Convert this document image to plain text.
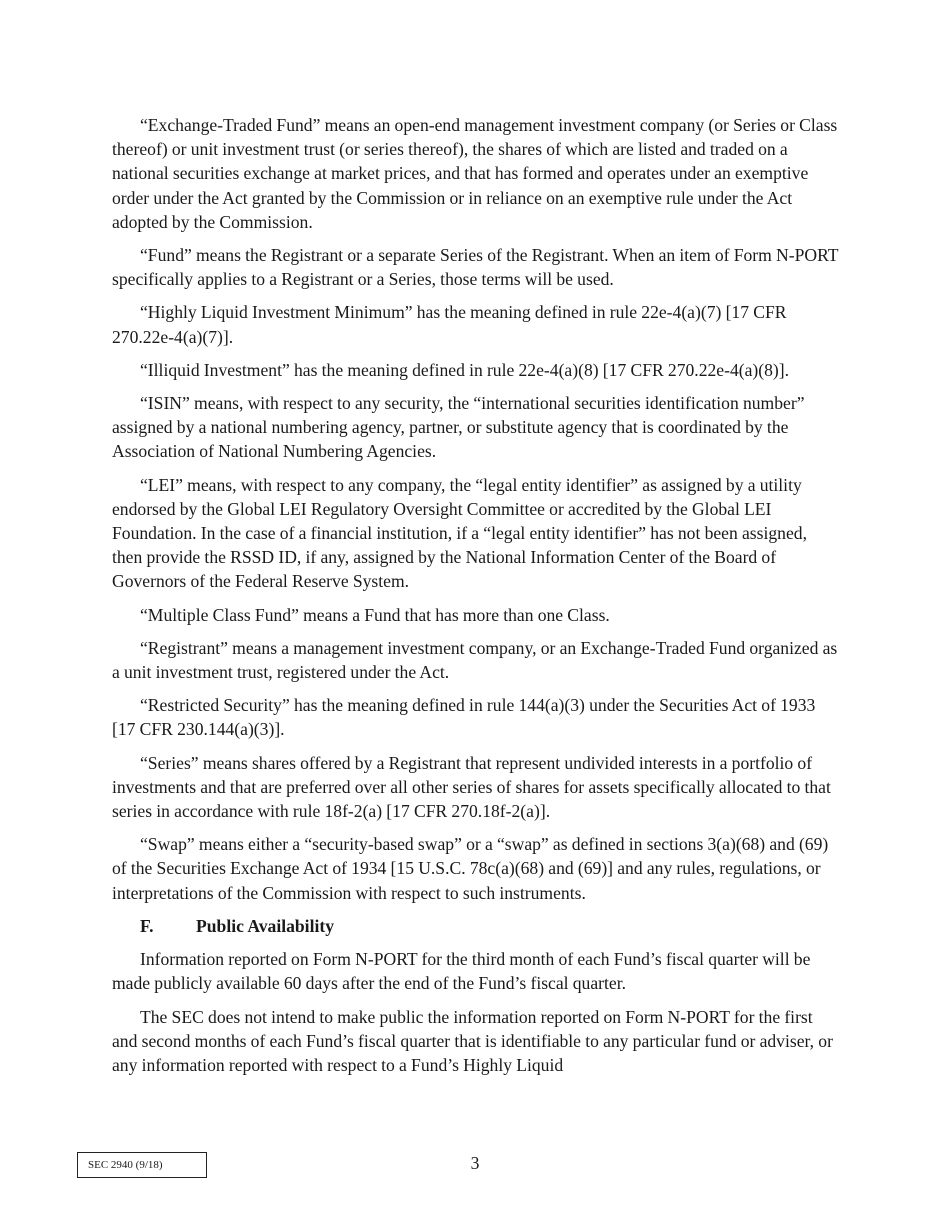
“Exchange-Traded Fund” means an open-end management investment company (or Series or Class thereof) or unit investment trust (or series thereof), the shares of which are listed and traded on a national securities exchange at market prices, and that has formed and operates under an exemptive order under the Act granted by the Commission or in reliance on an exemptive rule under the Act adopted by the Commission.

“Fund” means the Registrant or a separate Series of the Registrant. When an item of Form N-PORT specifically applies to a Registrant or a Series, those terms will be used.

“Highly Liquid Investment Minimum” has the meaning defined in rule 22e-4(a)(7) [17 CFR 270.22e-4(a)(7)].

“Illiquid Investment” has the meaning defined in rule 22e-4(a)(8) [17 CFR 270.22e-4(a)(8)].

“ISIN” means, with respect to any security, the “international securities identification number” assigned by a national numbering agency, partner, or substitute agency that is coordinated by the Association of National Numbering Agencies.

“LEI” means, with respect to any company, the “legal entity identifier” as assigned by a utility endorsed by the Global LEI Regulatory Oversight Committee or accredited by the Global LEI Foundation. In the case of a financial institution, if a “legal entity identifier” has not been assigned, then provide the RSSD ID, if any, assigned by the National Information Center of the Board of Governors of the Federal Reserve System.

“Multiple Class Fund” means a Fund that has more than one Class.

“Registrant” means a management investment company, or an Exchange-Traded Fund organized as a unit investment trust, registered under the Act.

“Restricted Security” has the meaning defined in rule 144(a)(3) under the Securities Act of 1933 [17 CFR 230.144(a)(3)].

“Series” means shares offered by a Registrant that represent undivided interests in a portfolio of investments and that are preferred over all other series of shares for assets specifically allocated to that series in accordance with rule 18f-2(a) [17 CFR 270.18f-2(a)].

“Swap” means either a “security-based swap” or a “swap” as defined in sections 3(a)(68) and (69) of the Securities Exchange Act of 1934 [15 U.S.C. 78c(a)(68) and (69)] and any rules, regulations, or interpretations of the Commission with respect to such instruments.

F. Public Availability

Information reported on Form N-PORT for the third month of each Fund’s fiscal quarter will be made publicly available 60 days after the end of the Fund’s fiscal quarter.

The SEC does not intend to make public the information reported on Form N-PORT for the first and second months of each Fund’s fiscal quarter that is identifiable to any particular fund or adviser, or any information reported with respect to a Fund’s Highly Liquid

SEC 2940 (9/18)	3
